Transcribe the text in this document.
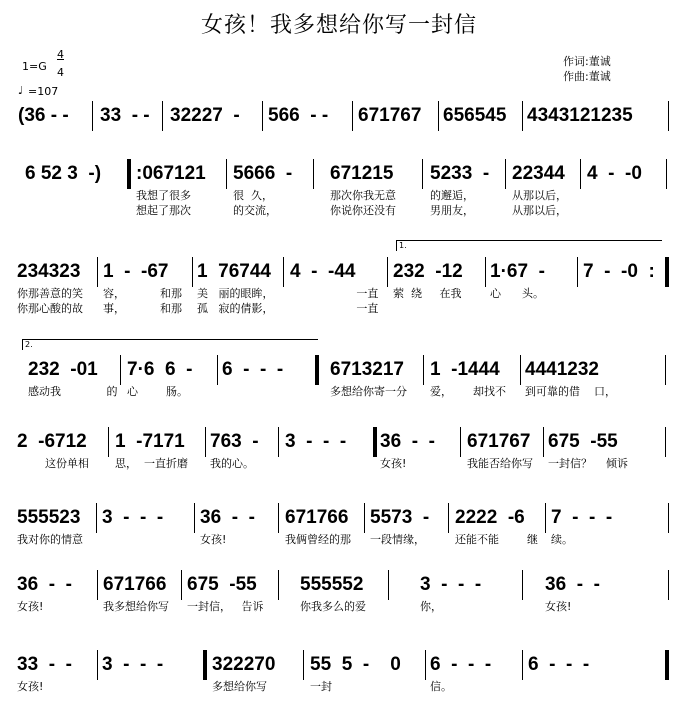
女孩！我多想给你写一封信
1=G
4
4
♩ =107
作词:董诚
作曲:董诚
1.
2.
(36 - - 33  - - 32227  - 566  - - 671767 656545 4343121235
6 52 3  -) :067121
我想了很多
想起了那次
5666  -
很  久，
的交流，
671215
那次你我无意
你说你还没有
5233  -
的邂逅，
男朋友，
22344
从那以后，
从那以后，
4  -  -0
234323
你那善意的笑
你那心酸的故
1  -  -67
容，          和那
事，          和那
1  76744
美   丽的眼眸，
孤   寂的倩影，
4  -  -44
一直
一直
232  -12
萦  绕     在我
1·67  -
心      头。
7  -  -0  :
232  -01
感动我             的
7·6  6  -
心        肠。
6  -  -  - 6713217
多想给你寄一分
1  -1444
爱，      却找不
4441232
到可靠的借    口，
2  -6712
这份单相
1  -7171
思，  一直折磨
763  -
我的心。
3  -  -  - 36  -  -
女孩!
671767
我能否给你写
675  -55
一封信？    倾诉
555523
我对你的情意
3  -  -  - 36  -  -
女孩!
671766
我俩曾经的那
5573  -
一段情缘，
2222  -6
还能不能        继
7  -  -  -
续。
36  -  -
女孩!
671766
我多想给你写
675  -55
一封信，   告诉
555552
你我多么的爱
3  -  -  -
你，
36  -  -
女孩!
33  -  -
女孩!
3  -  -  -	322270
多想给你写
55  5  -    0
一封
6  -  -  -
信。
6  -  -  -
